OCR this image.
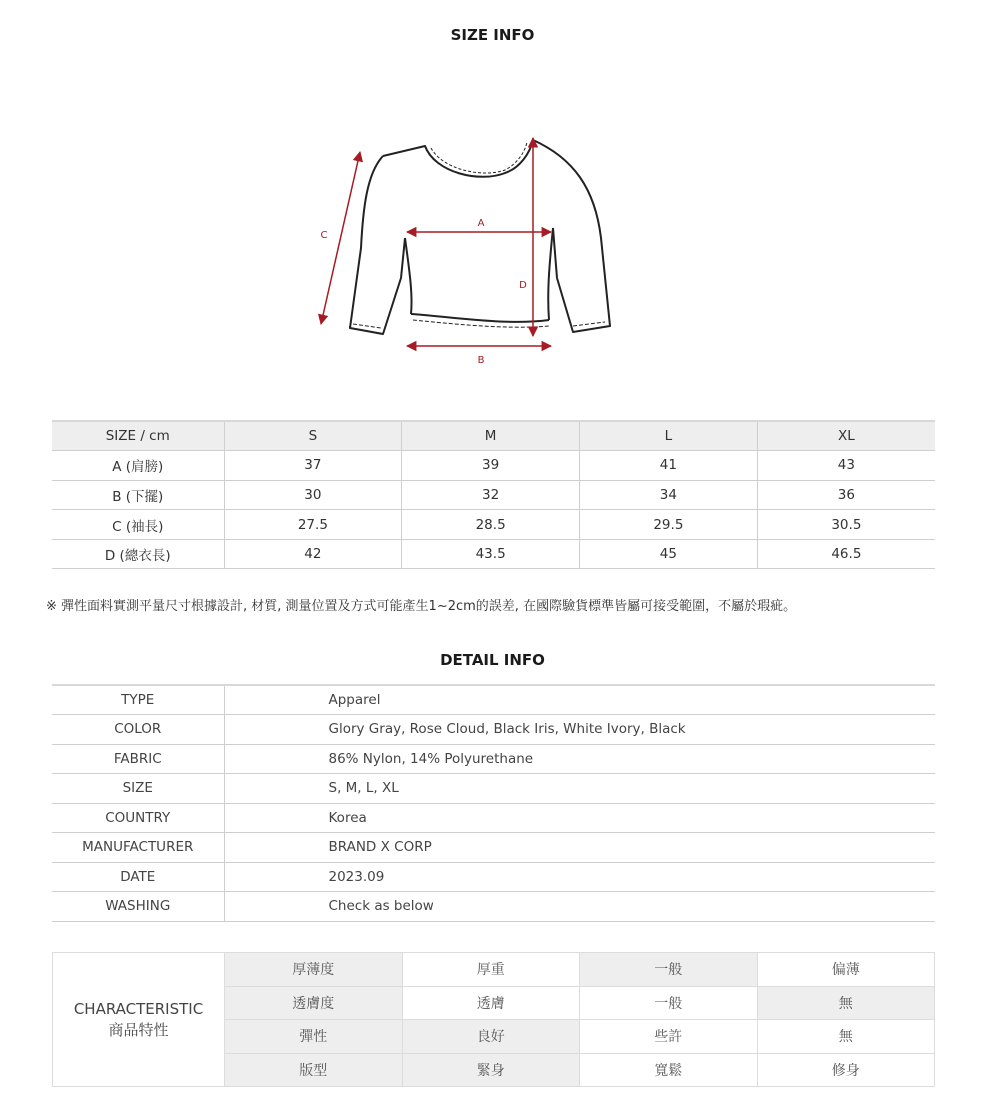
SIZE INFO
A
B
C
D
SIZE / cm	S	M	L	XL
A (肩膀)	37	39	41	43
B (下擺)	30	32	34	36
C (袖長)	27.5	28.5	29.5	30.5
D (總衣長)	42	43.5	45	46.5
※ 彈性面料實測平量尺寸根據設計, 材質, 測量位置及方式可能產生1~2cm的誤差, 在國際驗貨標準皆屬可接受範圍，不屬於瑕疵。
DETAIL INFO
TYPE	Apparel
COLOR	Glory Gray, Rose Cloud, Black Iris, White Ivory, Black
FABRIC	86% Nylon, 14% Polyurethane
SIZE	S, M, L, XL
COUNTRY	Korea
MANUFACTURER	BRAND X CORP
DATE	2023.09
WASHING	Check as below
CHARACTERISTIC
商品特性	厚薄度	厚重	一般	偏薄
	透膚度	透膚	一般	無
	彈性	良好	些許	無
	版型	緊身	寬鬆	修身
